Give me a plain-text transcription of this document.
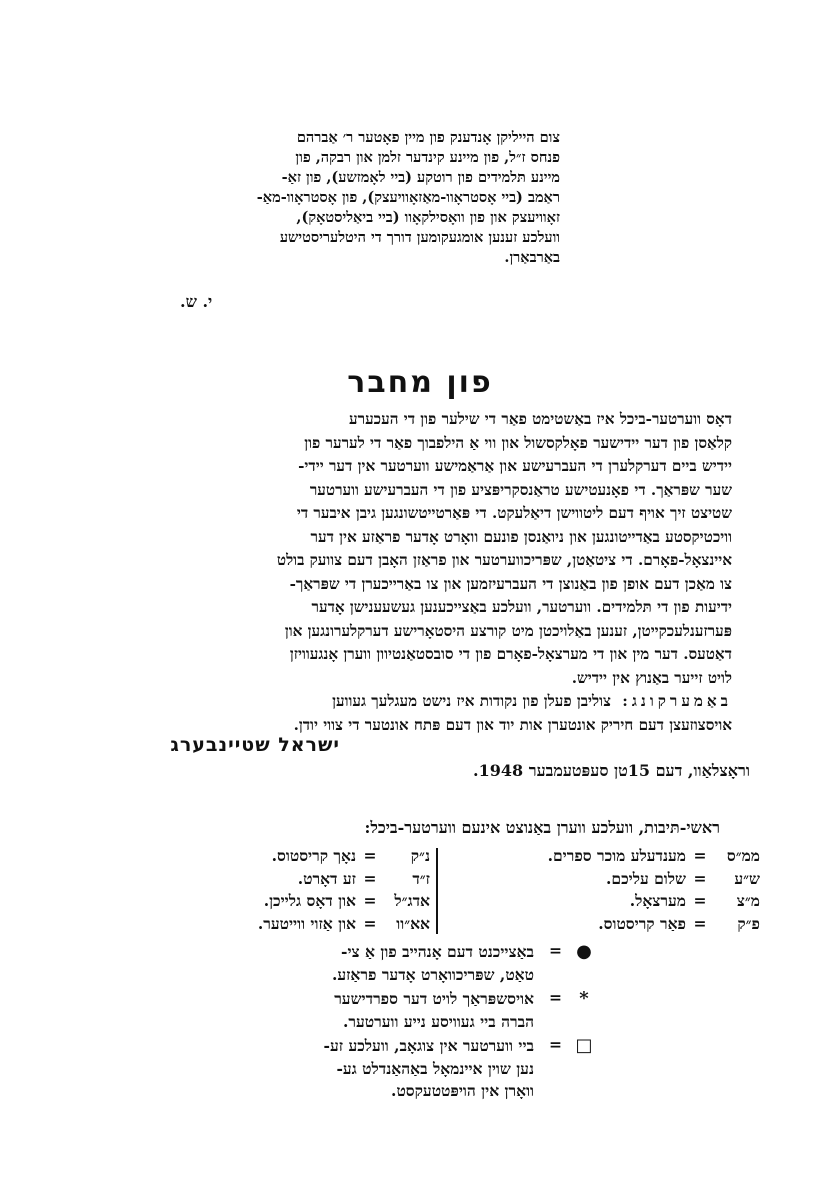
צום הייליקן אָנדענק פון מיין פאָטער ר׳ אַברהם
פנחס ז״ל, פון מיינע קינדער זלמן און רבקה, פון
מיינע תּלמידים פון רוטקע (ביי לאָמזשע), פון זאַ-
ראַמב (ביי אָסטראָוו-מאַזאָוויעצק), פון אָסטראָוו-מאַ-
זאָוויעצק און פון וואָסילקאָוו (ביי ביאַליסטאָק),
וועלכע זענען אומגעקומען דורך די היטלעריסטישע
באַרבאַרן.
י. ש.
פון מחבר
דאָס ווערטער-ביכל איז באַשטימט פאַר די שילער פון די העכערע
קלאַסן פון דער יידישער פאָלקסשול און ווי אַ הילפבוך פאַר די לערער פון
יידיש ביים דערקלערן די העברעישע און אַראַמישע ווערטער אין דער יידי-
שער שפּראַך. די פאָנעטישע טראַנסקריפּציע פון די העברעישע ווערטער
שטיצט זיך אויף דעם ליטווישן דיאַלעקט. די פּאַרטייטשונגען גיבן איבער די
וויכטיקסטע באַדייטונגען און ניואַנסן פונעם וואָרט אָדער פראַזע אין דער
איינצאָל-פאָרם. די ציטאַטן, שפּריכווערטער און פראַזן האָבן דעם צוועק בולט
צו מאַכן דעם אופן פון באַנוצן די העברעיזמען און צו באַרייכערן די שפּראַך-
ידיעות פון די תּלמידים. ווערטער, וועלכע באַצייכענען געשעענישן אָדער
פּערזענלעכקייטן, זענען באַלויכטן מיט קורצע היסטאָרישע דערקלערונגען און
דאַטעס. דער מין און די מערצאָל-פאָרם פון די סובסטאַנטיוון ווערן אָנגעוויזן
לויט זייער באַנוץ אין יידיש.
באַמערקונג: צוליבן פעלן פון נקודות איז נישט מעגלעך געווען
אויסצוזעצן דעם חיריק אונטערן אות יוד און דעם פּתח אונטער די צווי יודן.
ישראל שטיינבערג
וראָצלאַוו, דעם 15טן סעפּטעמבער 1948.
ראשי-תּיבות, וועלכע ווערן באַנוצט אינעם ווערטער-ביכל:
ממ״ס
=
מענדעלע מוכר ספרים.
ש״ע
=
שלום עליכם.
מ״צ
=
מערצאָל.
פ״ק
=
פאַר קריסטוס.
נ״ק
=
נאָך קריסטוס.
ז״ד
=
זע דאָרט.
אדג״ל
=
און דאָס גלייכן.
אא״וו
=
און אַזוי ווייטער.
●
=
באַצייכנט דעם אָנהייב פון אַ צי-
טאַט, שפּריכוואָרט אָדער פראַזע.
*
=
אויסשפּראַך לויט דער ספרדישער
הברה ביי געוויסע נייע ווערטער.
□
=
ביי ווערטער אין צוגאָב, וועלכע זע-
נען שוין איינמאָל באַהאַנדלט גע-
וואָרן אין הויפּטטעקסט.
